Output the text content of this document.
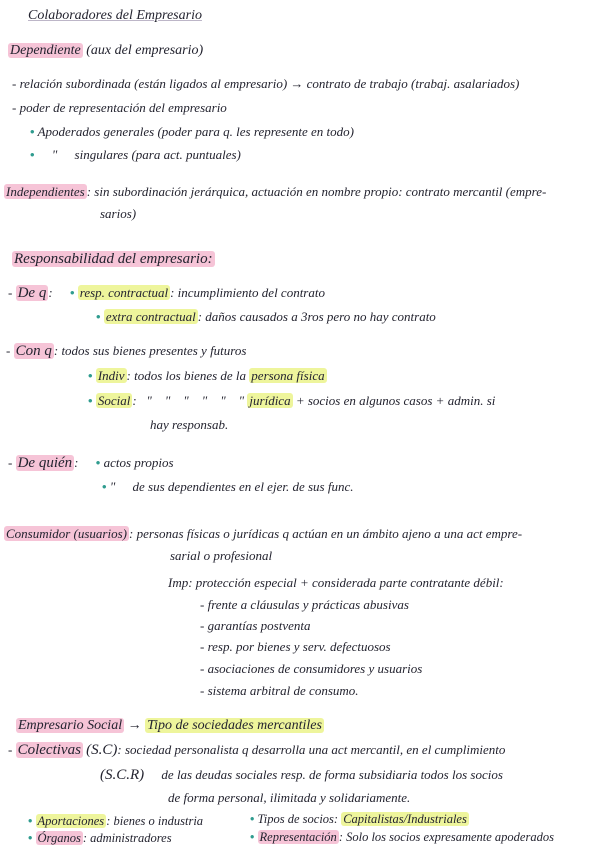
Colaboradores del Empresario
Dependiente (aux del empresario)
- relación subordinada (están ligados al empresario) → contrato de trabajo (trabaj. asalariados)
- poder de representación del empresario
• Apoderados generales (poder para q. les represente en todo)
• " singulares (para act. puntuales)
Independientes : sin subordinación jerárquica, actuación en nombre propio: contrato mercantil (empre-
sarios)
Responsabilidad del empresario:
- De q : • resp. contractual : incumplimiento del contrato
• extra contractual : daños causados a 3ros pero no hay contrato
- Con q : todos sus bienes presentes y futuros
• Indiv : todos los bienes de la persona física
• Social :   "    "    "    "    "    " jurídica + socios en algunos casos + admin. si
hay responsab.
- De quién : • actos propios
• " de sus dependientes en el ejer. de sus func.
Consumidor (usuarios) : personas físicas o jurídicas q actúan en un ámbito ajeno a una act empre-
sarial o profesional
Imp: protección especial + considerada parte contratante débil:
- frente a cláusulas y prácticas abusivas
- garantías postventa
- resp. por bienes y serv. defectuosos
- asociaciones de consumidores y usuarios
- sistema arbitral de consumo.
Empresario Social → Tipo de sociedades mercantiles
- Colectivas (S.C): sociedad personalista q desarrolla una act mercantil, en el cumplimiento
(S.C.R) de las deudas sociales resp. de forma subsidiaria todos los socios
de forma personal, ilimitada y solidariamente.
• Aportaciones : bienes o industria
• Órganos : administradores
• Tipos de socios: Capitalistas/Industriales
• Representación : Solo los socios expresamente apoderados
